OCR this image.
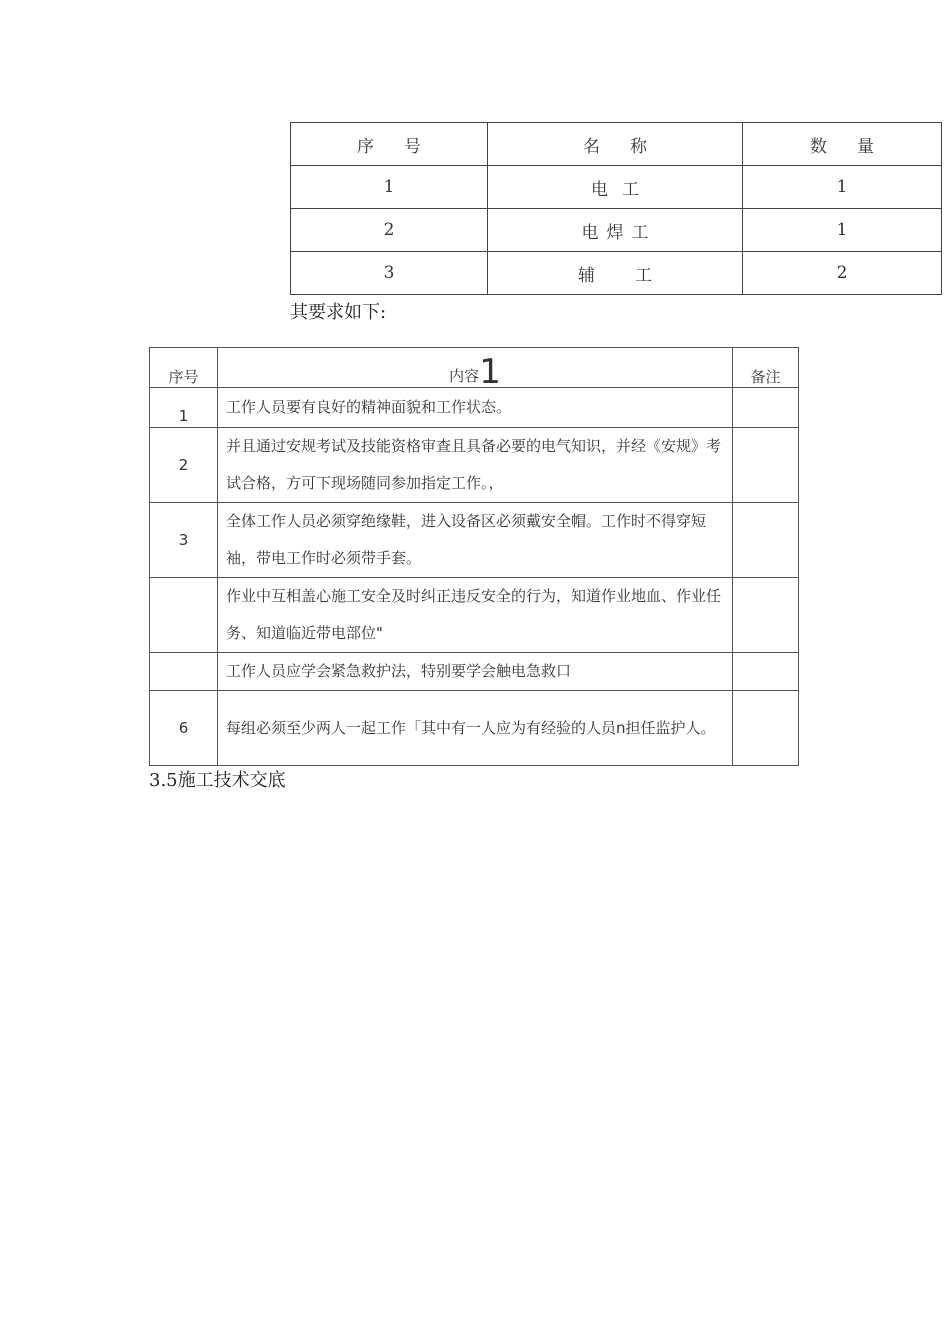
序号	名称	数量
1	电工	1
2	电焊工	1
3	辅工	2
其要求如下:
序号	内容1	备注
1	工作人员要有良好的精神面貌和工作状态。	
2	并且通过安规考试及技能资格审查且具备必要的电气知识，并经《安规》考试合格，方可下现场随同参加指定工作。，	
3	全体工作人员必须穿绝缘鞋，进入设备区必须戴安全帽。工作时不得穿短袖，带电工作时必须带手套。	
	作业中互相盖心施工安全及时纠正违反安全的行为，知道作业地血、作业任务、知道临近带电部位"	
	工作人员应学会紧急救护法，特别要学会触电急救口	
6	每组必须至少两人一起工作「其中有一人应为有经验的人员n担任监护人。	
3.5施工技术交底
